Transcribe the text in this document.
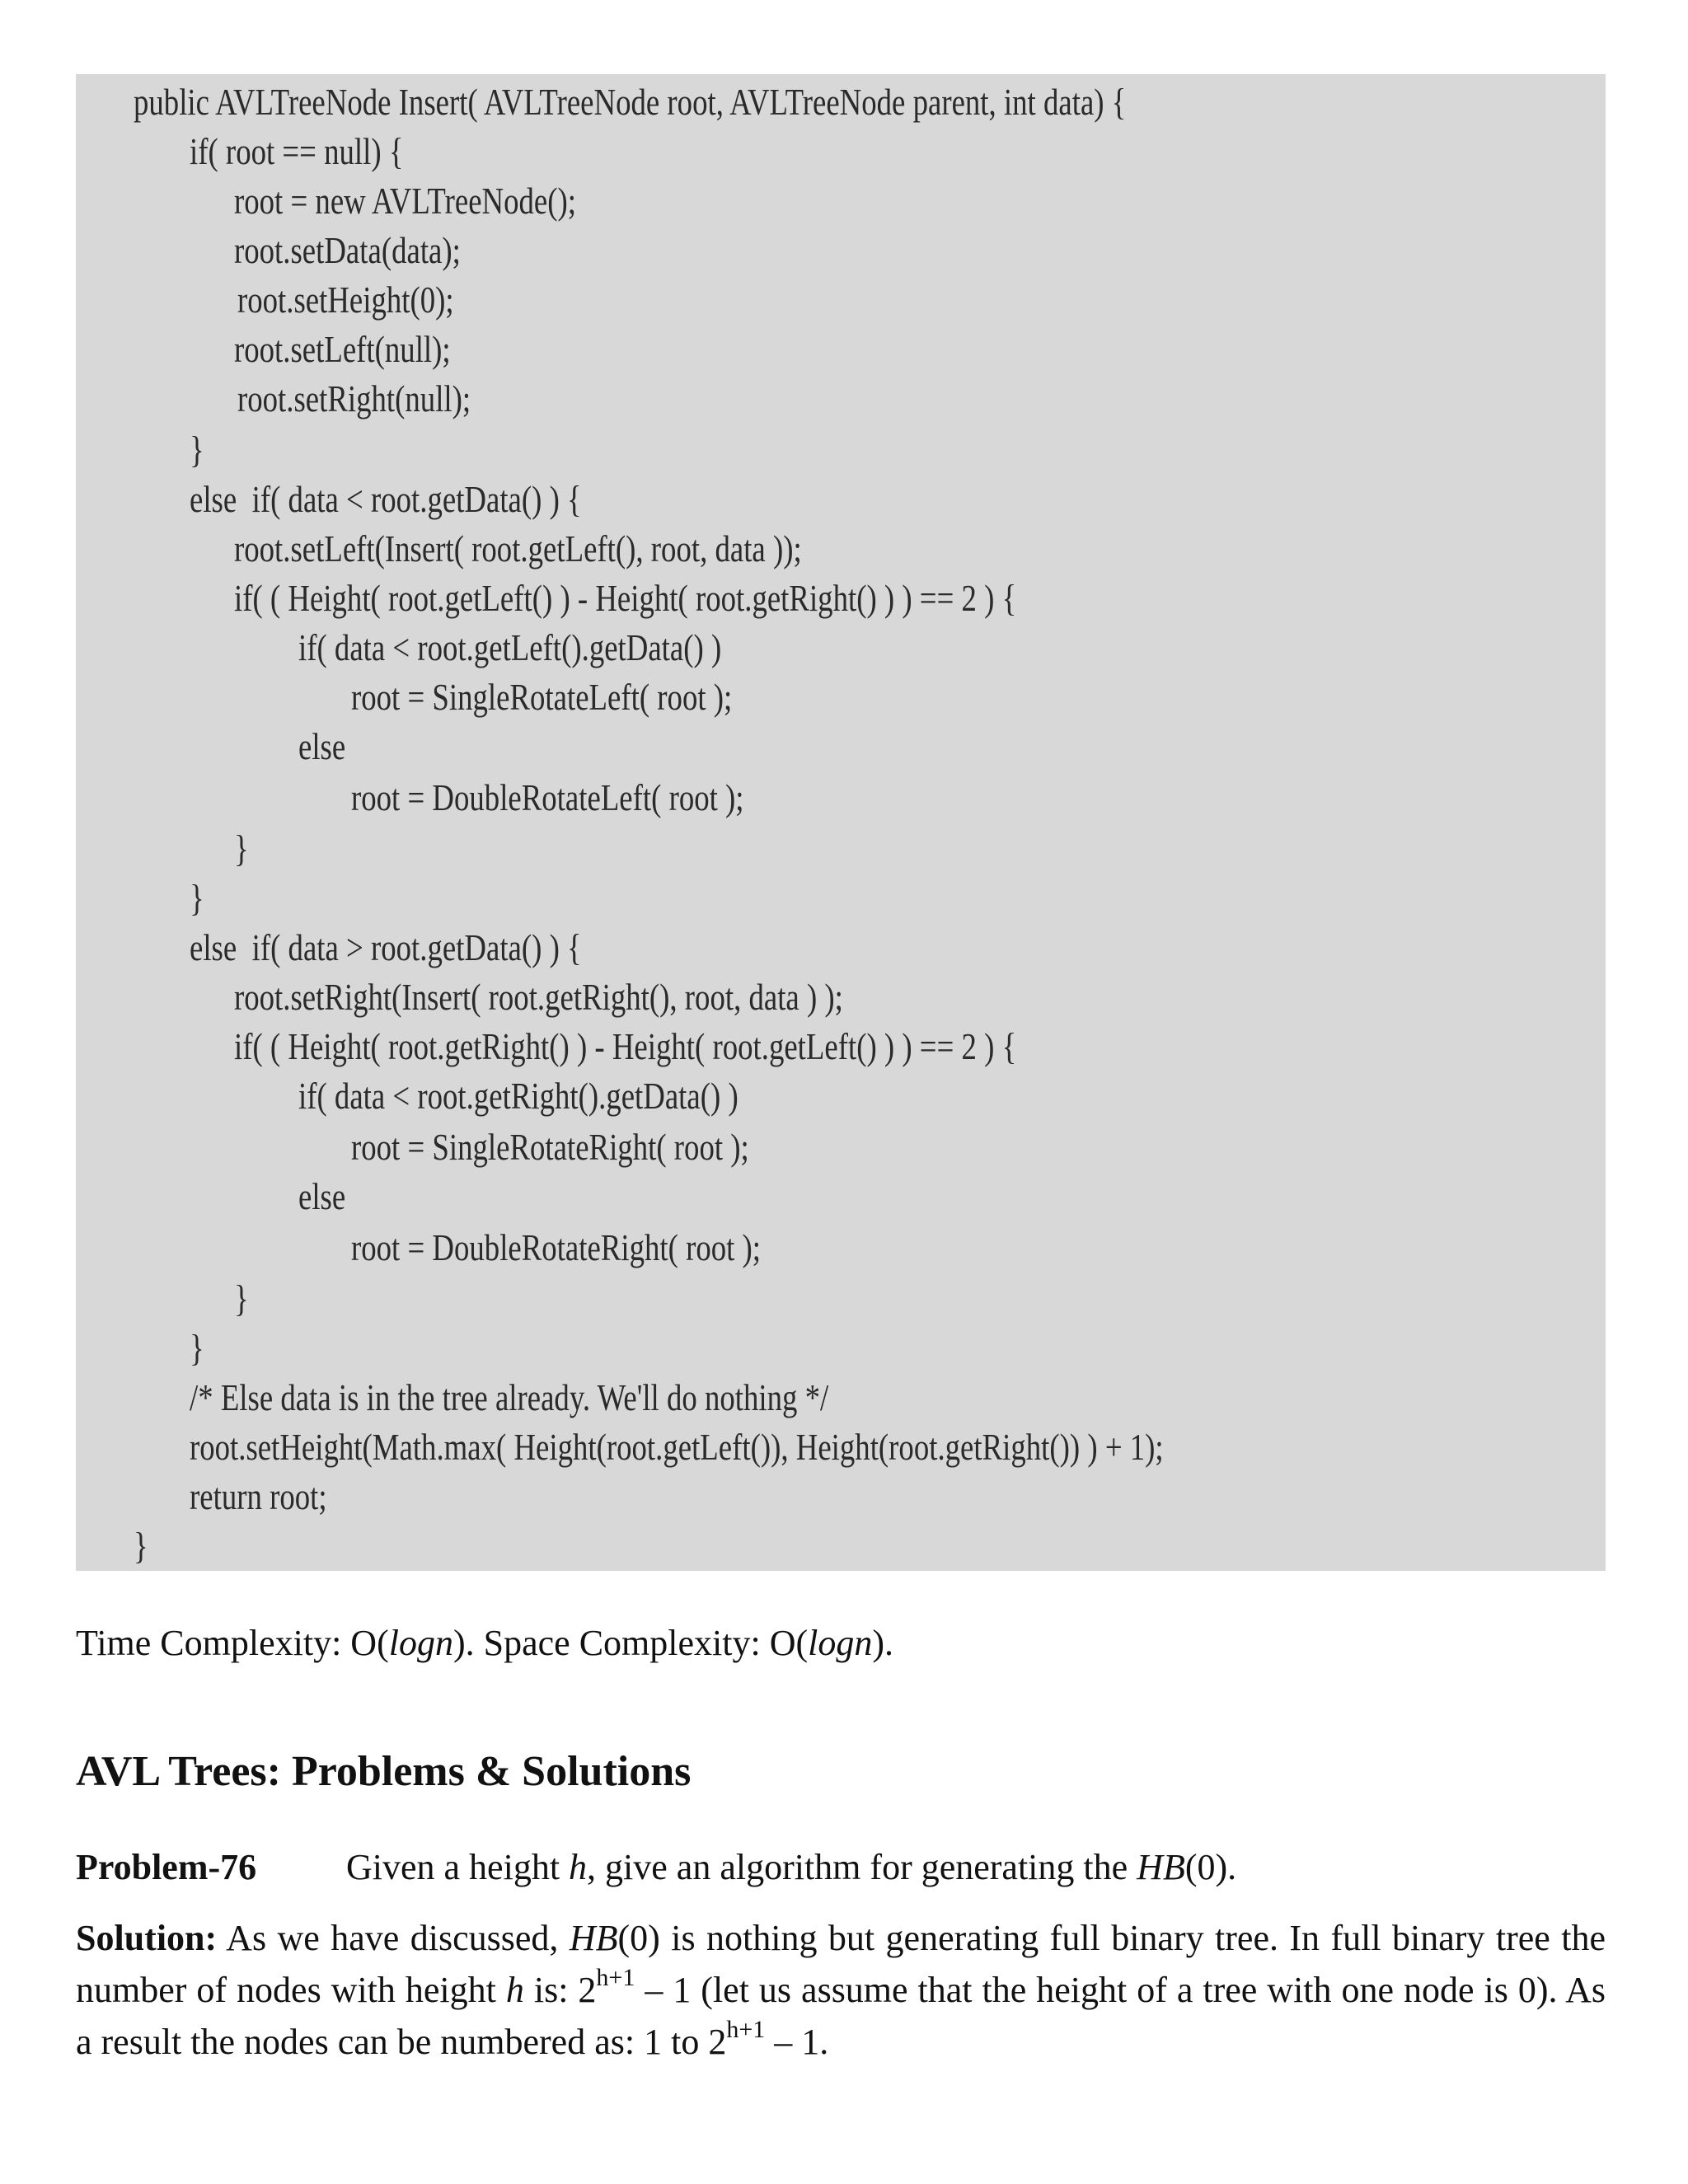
public AVLTreeNode Insert( AVLTreeNode root, AVLTreeNode parent, int data) {
if( root == null) {
root = new AVLTreeNode();
root.setData(data);
root.setHeight(0);
root.setLeft(null);
root.setRight(null);
}
else  if( data < root.getData() ) {
root.setLeft(Insert( root.getLeft(), root, data ));
if( ( Height( root.getLeft() ) - Height( root.getRight() ) ) == 2 ) {
if( data < root.getLeft().getData() )
root = SingleRotateLeft( root );
else
root = DoubleRotateLeft( root );
}
}
else  if( data > root.getData() ) {
root.setRight(Insert( root.getRight(), root, data ) );
if( ( Height( root.getRight() ) - Height( root.getLeft() ) ) == 2 ) {
if( data < root.getRight().getData() )
root = SingleRotateRight( root );
else
root = DoubleRotateRight( root );
}
}
/* Else data is in the tree already. We'll do nothing */
root.setHeight(Math.max( Height(root.getLeft()), Height(root.getRight()) ) + 1);
return root;
}
Time Complexity: O(logn). Space Complexity: O(logn).
AVL Trees: Problems & Solutions
Problem-76 Given a height h, give an algorithm for generating the HB(0).
Solution: As we have discussed, HB(0) is nothing but generating full binary tree. In full binary tree the number of nodes with height h is: $2^{h+1} - 1$ (let us assume that the height of a tree with one node is 0). As a result the nodes can be numbered as: 1 to $2^{h+1} - 1$.
